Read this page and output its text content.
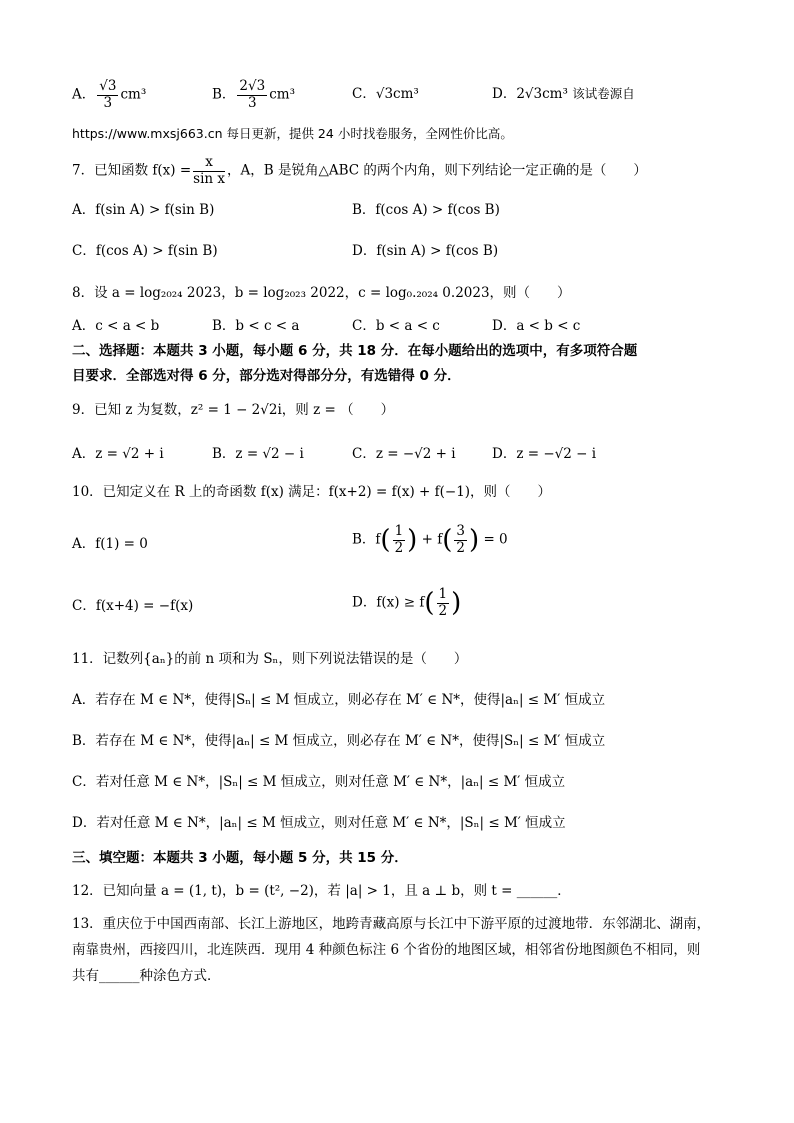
A． $\frac{√3}{3} cm^3$	B． $\frac{2√3}{3} cm^3$	C．√3cm³	D．2√3cm³ 该试卷源自
https://www.mxsj663.cn 每日更新，提供 24 小时找卷服务，全网性价比高。
7．已知函数 $f(x) = \frac{x}{\text{sin x}}$ ，A，B 是锐角△ABC 的两个内角，则下列结论一定正确的是（　　）
A．f(sin A) > f(sin B)	B．f(cos A) > f(cos B)
C．f(cos A) > f(sin B)	D．f(sin A) > f(cos B)
8．设 a = log₂₀₂₄ 2023，b = log₂₀₂₃ 2022，c = log₀.₂₀₂₄ 0.2023，则（　　）
A．c < a < b	B．b < c < a	C．b < a < c	D．a < b < c
二、选择题：本题共 3 小题，每小题 6 分，共 18 分．在每小题给出的选项中，有多项符合题
目要求．全部选对得 6 分，部分选对得部分分，有选错得 0 分．
9．已知 z 为复数，z² = 1 − 2√2i，则 z = （　　）
A．z = √2 + i	B．z = √2 − i	C．z = −√2 + i	D．z = −√2 − i
10．已知定义在 R 上的奇函数 f(x) 满足：f(x+2) = f(x) + f(−1)，则（　　）
A．f(1) = 0	B．$f( \frac{1}{2}$ ) + $f( \frac{3}{2}$ ) = 0
C．f(x+4) = −f(x)	D．$f(x) \ge f( \frac{1}{2}$ )
11．记数列{aₙ}的前 n 项和为 Sₙ，则下列说法错误的是（　　）
A．若存在 M ∈ N*，使得|Sₙ| ≤ M 恒成立，则必存在 M′ ∈ N*，使得|aₙ| ≤ M′ 恒成立
B．若存在 M ∈ N*，使得|aₙ| ≤ M 恒成立，则必存在 M′ ∈ N*，使得|Sₙ| ≤ M′ 恒成立
C．若对任意 M ∈ N*，|Sₙ| ≤ M 恒成立，则对任意 M′ ∈ N*，|aₙ| ≤ M′ 恒成立
D．若对任意 M ∈ N*，|aₙ| ≤ M 恒成立，则对任意 M′ ∈ N*，|Sₙ| ≤ M′ 恒成立
三、填空题：本题共 3 小题，每小题 5 分，共 15 分．
12．已知向量 a = (1, t)，b = (t², −2)，若 |a| > 1，且 a ⊥ b，则 t = ______．
13．重庆位于中国西南部、长江上游地区，地跨青藏高原与长江中下游平原的过渡地带．东邻湖北、湖南，
南靠贵州，西接四川，北连陕西．现用 4 种颜色标注 6 个省份的地图区域，相邻省份地图颜色不相同，则
共有______种涂色方式．
